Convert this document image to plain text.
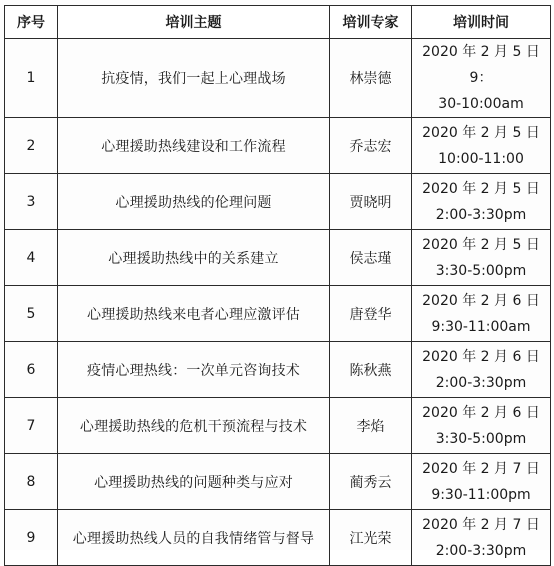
序号	培训主题	培训专家	培训时间
1	抗疫情，我们一起上心理战场	林崇德	2020 年 2 月 5 日 9：
30-10:00am

2	心理援助热线建设和工作流程	乔志宏	2020 年 2 月 5 日
10:00-11:00

3	心理援助热线的伦理问题	贾晓明	2020 年 2 月 5 日
2:00-3:30pm

4	心理援助热线中的关系建立	侯志瑾	2020 年 2 月 5 日
3:30-5:00pm

5	心理援助热线来电者心理应激评估	唐登华	2020 年 2 月 6 日
9:30-11:00am

6	疫情心理热线：一次单元咨询技术	陈秋燕	2020 年 2 月 6 日
2:00-3:30pm

7	心理援助热线的危机干预流程与技术	李焰	2020 年 2 月 6 日
3:30-5:00pm

8	心理援助热线的问题种类与应对	蔺秀云	2020 年 2 月 7 日
9:30-11:00pm

9	心理援助热线人员的自我情绪管与督导	江光荣	2020 年 2 月 7 日
2:00-3:30pm
